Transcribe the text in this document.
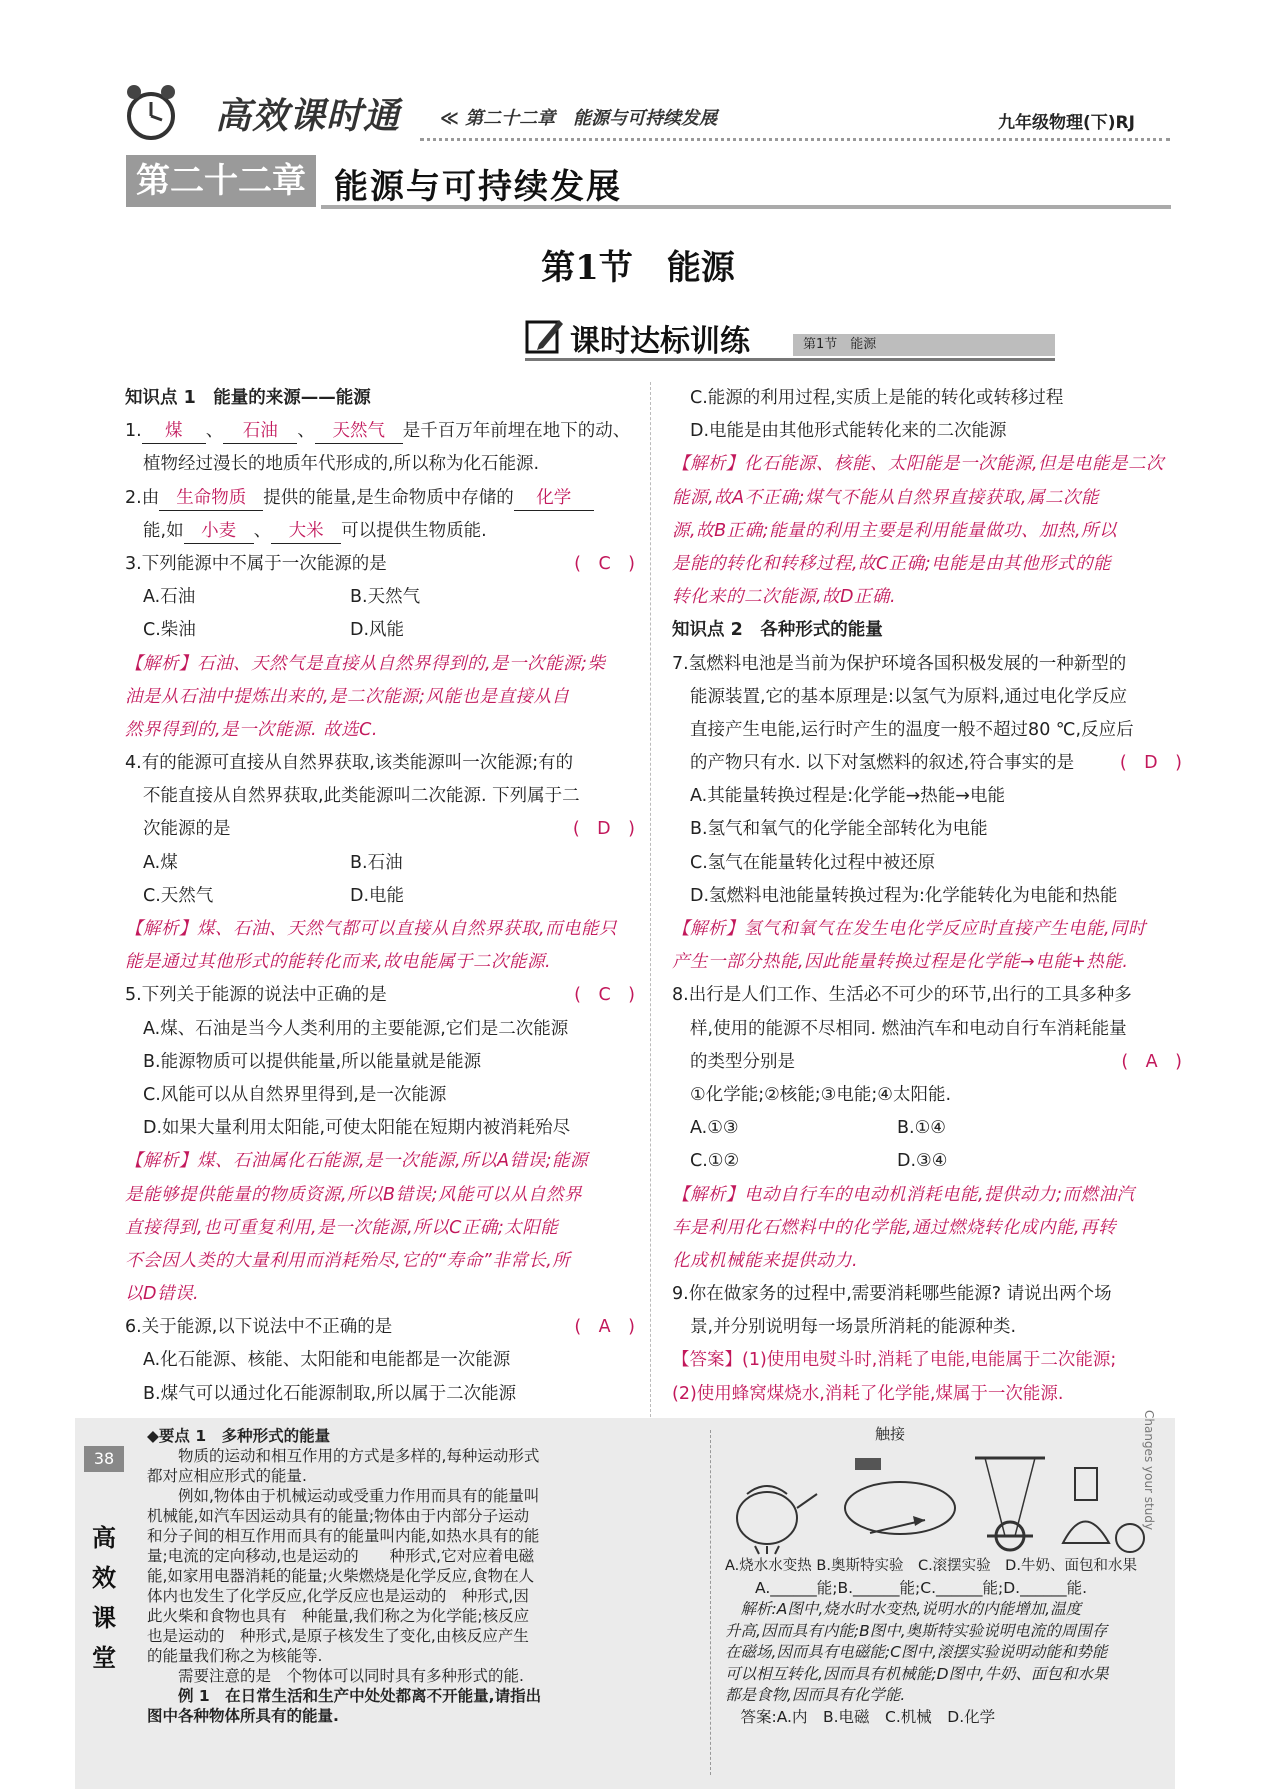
高效课时通 ≪ 第二十二章　能源与可持续发展	九年级物理(下)RJ
第二十二章 能源与可持续发展
第1节　能源
课时达标训练	第1节　能源
知识点 1　能量的来源——能源
1. 煤 、 石油 、 天然气 是千百万年前埋在地下的动、
植物经过漫长的地质年代形成的,所以称为化石能源.
2.由 生命物质 提供的能量,是生命物质中存储的 化学
能,如 小麦 、 大米 可以提供生物质能.
3.下列能源中不属于一次能源的是	(　C　)
A.石油	B.天然气
C.柴油	D.风能
【解析】石油、天然气是直接从自然界得到的,是一次能源;柴
油是从石油中提炼出来的,是二次能源;风能也是直接从自
然界得到的,是一次能源. 故选C.
4.有的能源可直接从自然界获取,该类能源叫一次能源;有的
不能直接从自然界获取,此类能源叫二次能源. 下列属于二
次能源的是	(　D　)
A.煤	B.石油
C.天然气	D.电能
【解析】煤、石油、天然气都可以直接从自然界获取,而电能只
能是通过其他形式的能转化而来,故电能属于二次能源.
5.下列关于能源的说法中正确的是	(　C　)
A.煤、石油是当今人类利用的主要能源,它们是二次能源
B.能源物质可以提供能量,所以能量就是能源
C.风能可以从自然界里得到,是一次能源
D.如果大量利用太阳能,可使太阳能在短期内被消耗殆尽
【解析】煤、石油属化石能源,是一次能源,所以A错误;能源
是能够提供能量的物质资源,所以B错误;风能可以从自然界
直接得到,也可重复利用,是一次能源,所以C正确;太阳能
不会因人类的大量利用而消耗殆尽,它的“寿命”非常长,所
以D错误.
6.关于能源,以下说法中不正确的是	(　A　)
A.化石能源、核能、太阳能和电能都是一次能源
B.煤气可以通过化石能源制取,所以属于二次能源
C.能源的利用过程,实质上是能的转化或转移过程
D.电能是由其他形式能转化来的二次能源
【解析】化石能源、核能、太阳能是一次能源,但是电能是二次
能源,故A不正确;煤气不能从自然界直接获取,属二次能
源,故B正确;能量的利用主要是利用能量做功、加热,所以
是能的转化和转移过程,故C正确;电能是由其他形式的能
转化来的二次能源,故D正确.
知识点 2　各种形式的能量
7.氢燃料电池是当前为保护环境各国积极发展的一种新型的
能源装置,它的基本原理是:以氢气为原料,通过电化学反应
直接产生电能,运行时产生的温度一般不超过80 ℃,反应后
的产物只有水. 以下对氢燃料的叙述,符合事实的是	(　D　)
A.其能量转换过程是:化学能→热能→电能
B.氢气和氧气的化学能全部转化为电能
C.氢气在能量转化过程中被还原
D.氢燃料电池能量转换过程为:化学能转化为电能和热能
【解析】氢气和氧气在发生电化学反应时直接产生电能,同时
产生一部分热能,因此能量转换过程是化学能→电能+热能.
8.出行是人们工作、生活必不可少的环节,出行的工具多种多
样,使用的能源不尽相同. 燃油汽车和电动自行车消耗能量
的类型分别是	(　A　)
①化学能;②核能;③电能;④太阳能.
A.①③	B.①④
C.①②	D.③④
【解析】电动自行车的电动机消耗电能,提供动力;而燃油汽
车是利用化石燃料中的化学能,通过燃烧转化成内能,再转
化成机械能来提供动力.
9.你在做家务的过程中,需要消耗哪些能源? 请说出两个场
景,并分别说明每一场景所消耗的能源种类.
【答案】(1)使用电熨斗时,消耗了电能,电能属于二次能源;
(2)使用蜂窝煤烧水,消耗了化学能,煤属于一次能源.
38
高
效
课
堂
◆要点 1　多种形式的能量
　　物质的运动和相互作用的方式是多样的,每种运动形式
都对应相应形式的能量.
　　例如,物体由于机械运动或受重力作用而具有的能量叫
机械能,如汽车因运动具有的能量;物体由于内部分子运动
和分子间的相互作用而具有的能量叫内能,如热水具有的能
量;电流的定向移动,也是运动的　　种形式,它对应着电磁
能,如家用电器消耗的能量;火柴燃烧是化学反应,食物在人
体内也发生了化学反应,化学反应也是运动的　种形式,因
此火柴和食物也具有　种能量,我们称之为化学能;核反应
也是运动的　种形式,是原子核发生了变化,由核反应产生
的能量我们称之为核能等.
　　需要注意的是　个物体可以同时具有多种形式的能.
　　例 1　在日常生活和生产中处处都离不开能量,请指出
图中各种物体所具有的能量.
触接
A.烧水水变热 B.奥斯特实验　C.滚摆实验　D.牛奶、面包和水果
A.______能;B.______能;C.______能;D.______能.
　解析:A图中,烧水时水变热,说明水的内能增加,温度
升高,因而具有内能;B图中,奥斯特实验说明电流的周围存
在磁场,因而具有电磁能;C图中,滚摆实验说明动能和势能
可以相互转化,因而具有机械能;D图中,牛奶、面包和水果
都是食物,因而具有化学能.
　答案:A.内　B.电磁　C.机械　D.化学
Changes your study
